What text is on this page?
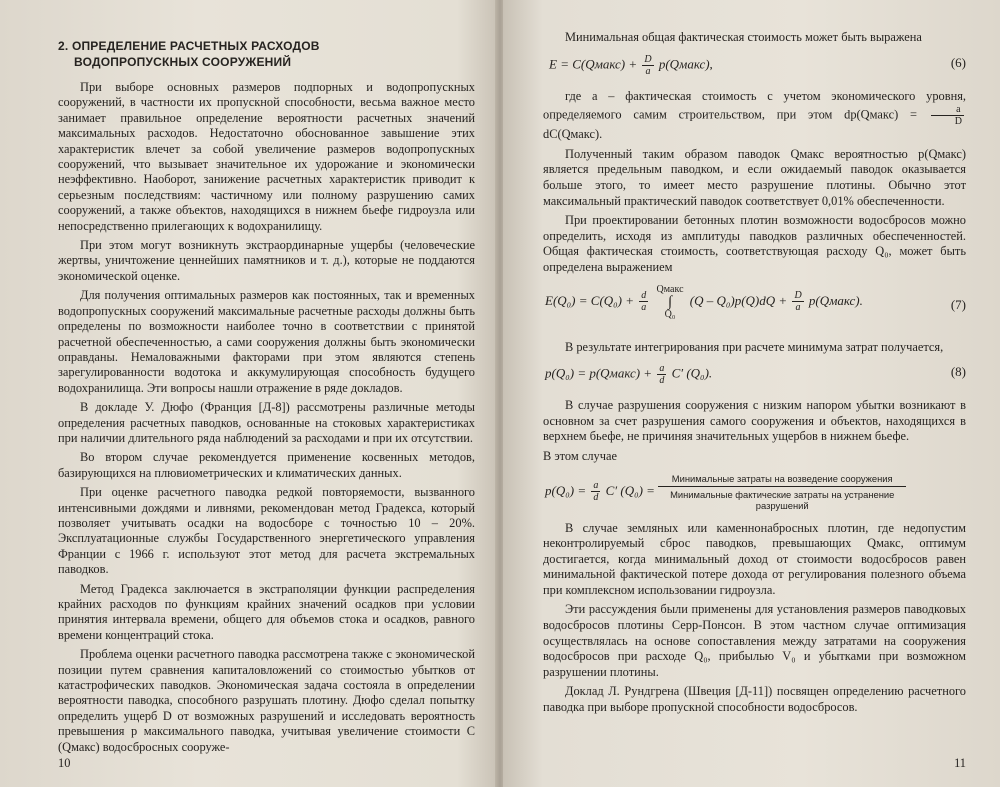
2. ОПРЕДЕЛЕНИЕ РАСЧЕТНЫХ РАСХОДОВ
ВОДОПРОПУСКНЫХ СООРУЖЕНИЙ

При выборе основных размеров подпорных и водопропускных сооружений, в частности их пропускной способности, весьма важное место занимает правильное определение вероятности расчетных значений максимальных расходов. Недостаточно обоснованное завышение этих характеристик влечет за собой увеличение размеров водопропускных сооружений, что вызывает значительное их удорожание и экономически неэффективно. Наоборот, занижение расчетных характеристик приводит к серьезным последствиям: частичному или полному разрушению самих сооружений, а также объектов, находящихся в нижнем бьефе гидроузла или непосредственно прилегающих к водохранилищу.

При этом могут возникнуть экстраординарные ущербы (человеческие жертвы, уничтожение ценнейших памятников и т. д.), которые не поддаются экономической оценке.

Для получения оптимальных размеров как постоянных, так и временных водопропускных сооружений максимальные расчетные расходы должны быть определены по возможности наиболее точно в соответствии с принятой расчетной обеспеченностью, а сами сооружения должны быть экономически оправданы. Немаловажными факторами при этом являются степень зарегулированности водотока и аккумулирующая способность будущего водохранилища. Эти вопросы нашли отражение в ряде докладов.

В докладе У. Дюфо (Франция [Д-8]) рассмотрены различные методы определения расчетных паводков, основанные на стоковых характеристиках при наличии длительного ряда наблюдений за расходами и при их отсутствии.

Во втором случае рекомендуется применение косвенных методов, базирующихся на плювиометрических и климатических данных.

При оценке расчетного паводка редкой повторяемости, вызванного интенсивными дождями и ливнями, рекомендован метод Градекса, который позволяет учитывать осадки на водосборе с точностью 10 – 20%. Эксплуатационные службы Государственного энергетического управления Франции с 1966 г. используют этот метод для расчета экстремальных паводков.

Метод Градекса заключается в экстраполяции функции распределения крайних расходов по функциям крайних значений осадков при условии принятия интервала времени, общего для объемов стока и осадков, равного времени концентраций стока.

Проблема оценки расчетного паводка рассмотрена также с экономической позиции путем сравнения капиталовложений со стоимостью убытков от катастрофических паводков. Экономическая задача состояла в определении вероятности паводка, способного разрушать плотину. Дюфо сделал попытку определить ущерб D от возможных разрушений и исследовать вероятность превышения p максимального паводка, учитывая увеличение стоимости C (Qмакс) водосбросных сооруже-

10

Минимальная общая фактическая стоимость может быть выражена

E = C(Qмакс) + $\frac{D}{a}$ p(Qмакс),	(6)

где a – фактическая стоимость с учетом экономического уровня, определяемого самим строительством, при этом dp(Qмакс) = $\frac{a}{D}$
dC(Qмакс).

Полученный таким образом паводок Qмакс вероятностью p(Qмакс) является предельным паводком, и если ожидаемый паводок оказывается больше этого, то имеет место разрушение плотины. Обычно этот максимальный практический паводок соответствует 0,01% обеспеченности.

При проектировании бетонных плотин возможности водосбросов можно определить, исходя из амплитуды паводков различных обеспеченностей. Общая фактическая стоимость, соответствующая расходу Q₀, может быть определена выражением

$E(Q_0) = C(Q_0) + \frac{d}{a}$
Qмакс
∫
Q₀ $(Q - Q_0)p(Q)dQ + \frac{D}{a}$ p(Qмакс).	(7)

В результате интегрирования при расчете минимума затрат получается,

p(Q₀) = p(Qмакс) + $\frac{a}{d} C'$ (Q₀).	(8)

В случае разрушения сооружения с низким напором убытки возникают в основном за счет разрушения самого сооружения и объектов, находящихся в верхнем бьефе, не причиняя значительных ущербов в нижнем бьефе.

В этом случае

$p(Q_0) = \frac{a}{d} C'$ (Q₀) =
Минимальные затраты на возведение сооружения
Минимальные фактические затраты на устранение разрушений

В случае земляных или каменнонабросных плотин, где недопустим неконтролируемый сброс паводков, превышающих Qмакс, оптимум достигается, когда минимальный доход от стоимости водосбросов равен минимальной фактической потере дохода от регулирования полезного объема при комплексном использовании гидроузла.

Эти рассуждения были применены для установления размеров паводковых водосбросов плотины Серр-Понсон. В этом частном случае оптимизация осуществлялась на основе сопоставления между затратами на сооружения водосбросов при расходе Q₀, прибылью V₀ и убытками при возможном разрушении плотины.

Доклад Л. Рундгрена (Швеция [Д-11]) посвящен определению расчетного паводка при выборе пропускной способности водосбросов.

11
